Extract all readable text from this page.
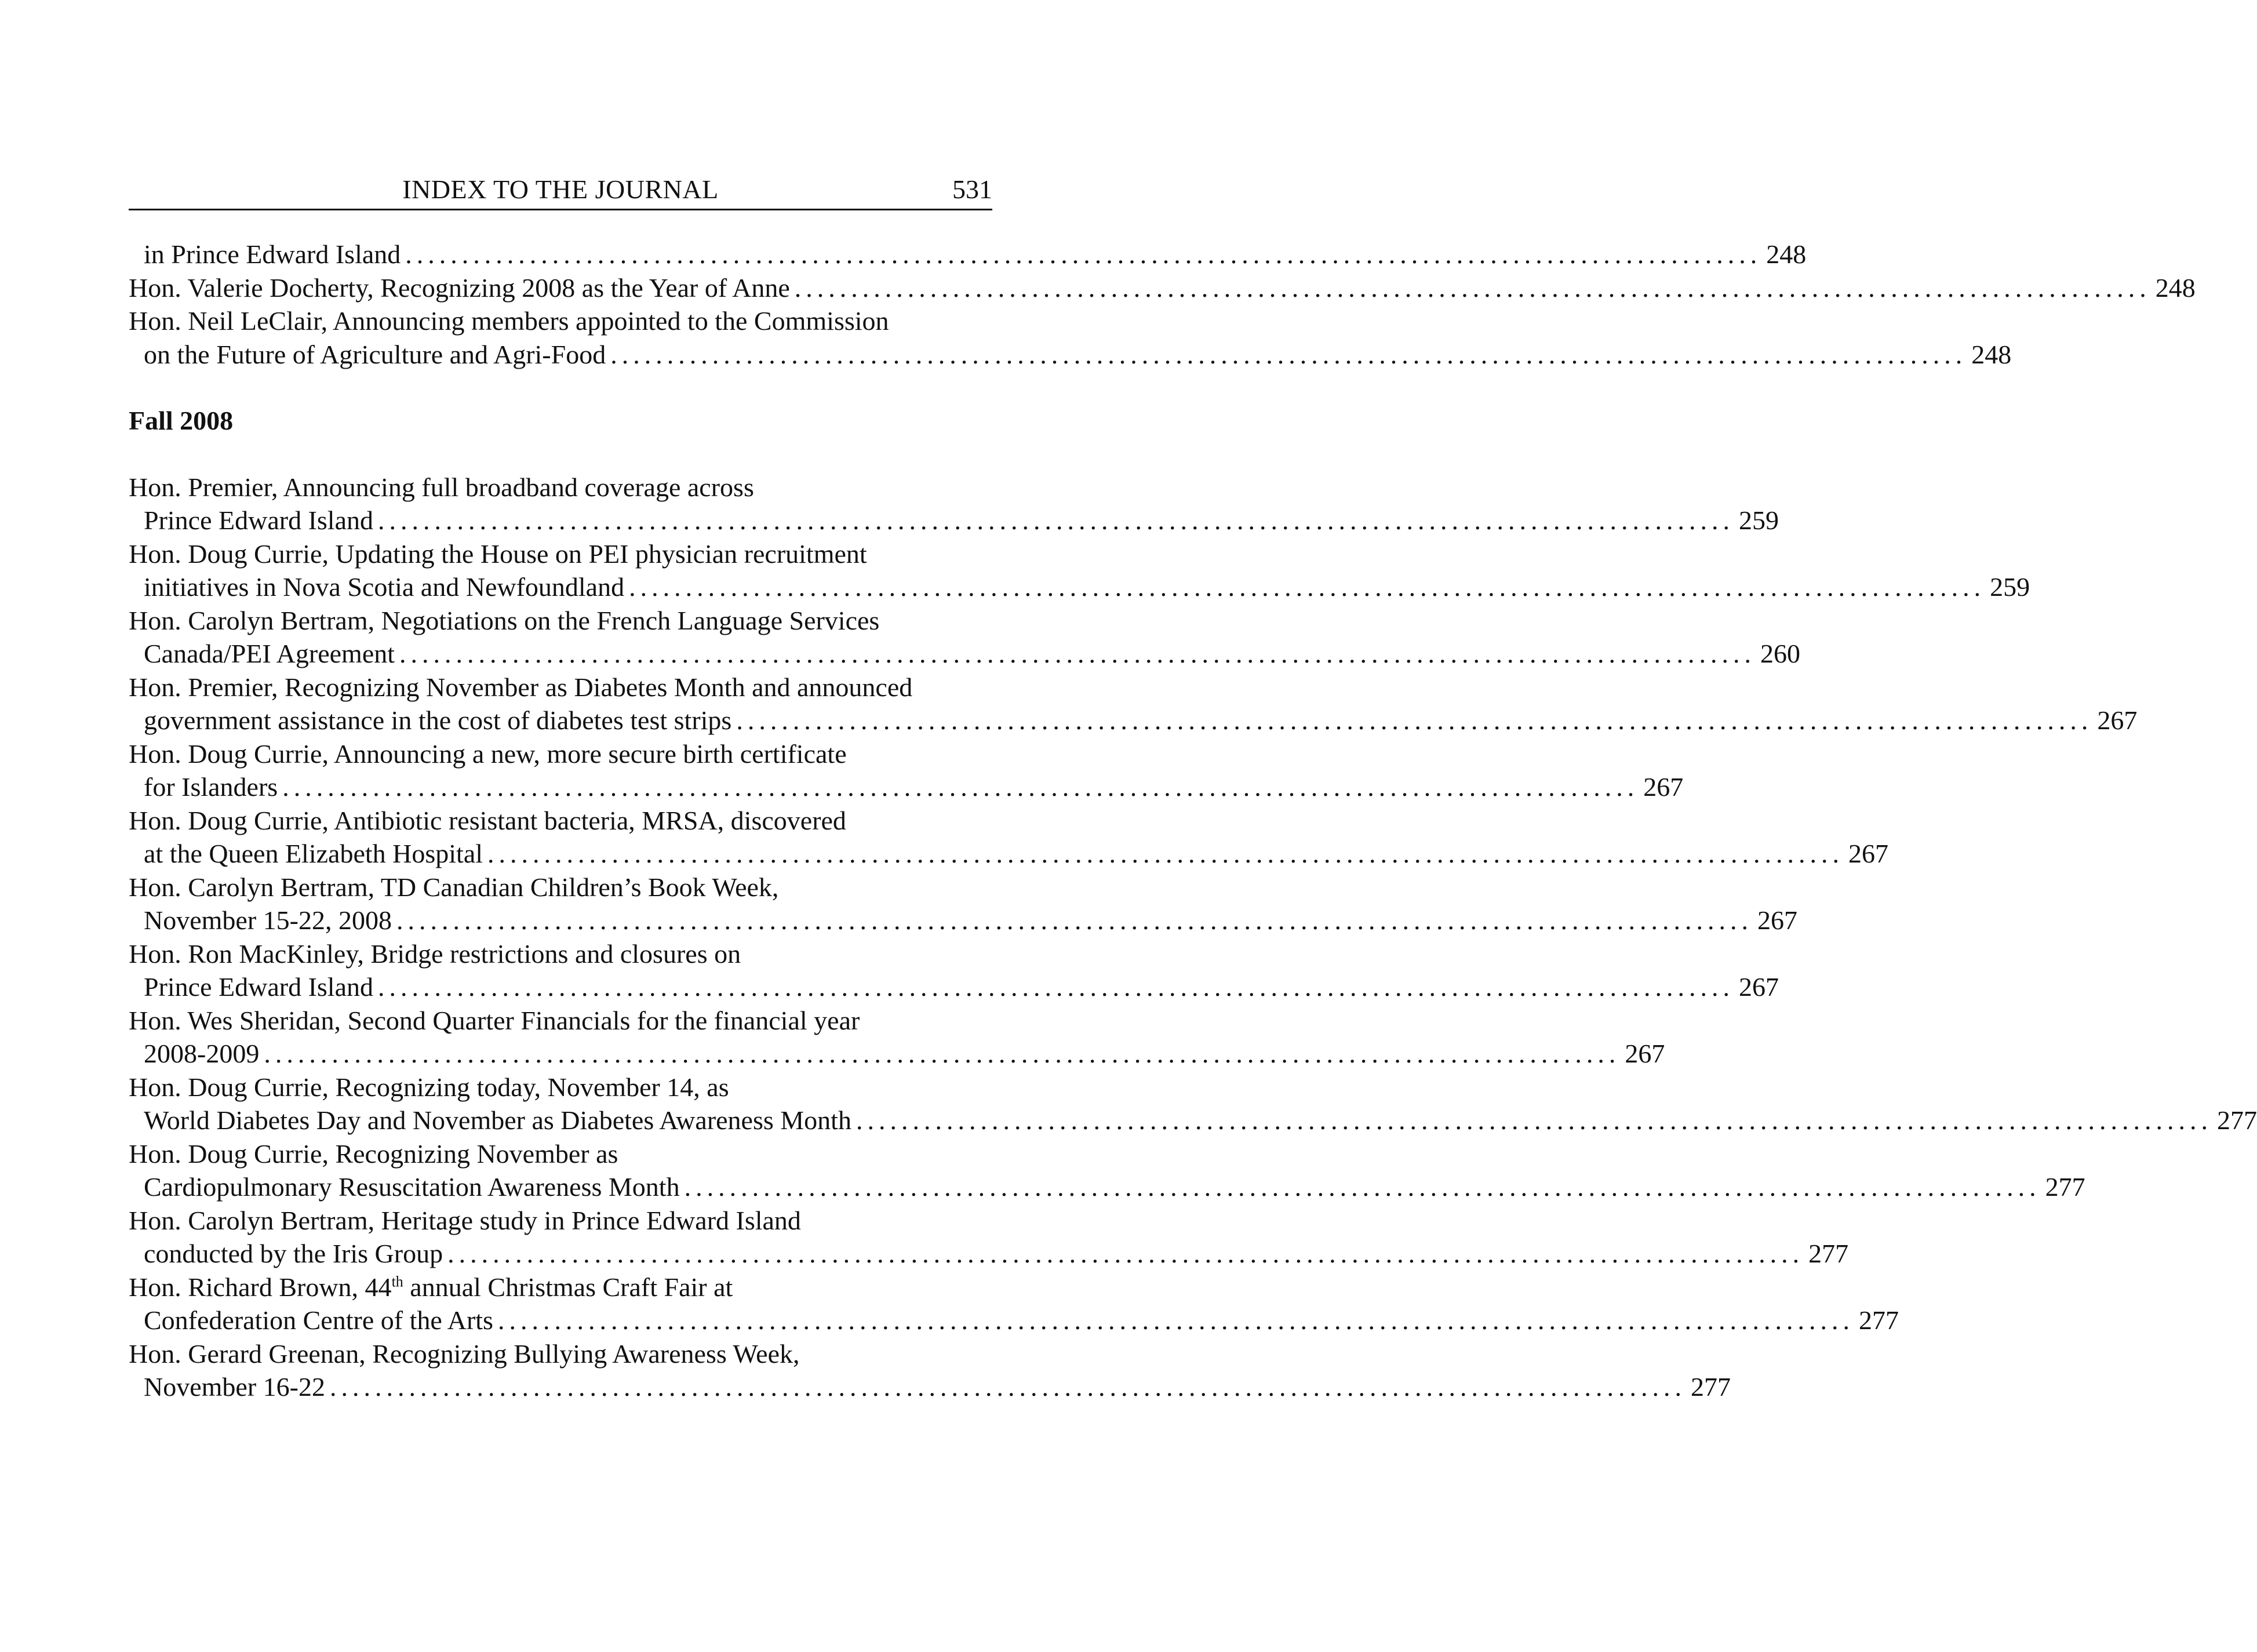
INDEX TO THE JOURNAL	531
in Prince Edward Island ........................................................................................................................ 248
Hon. Valerie Docherty, Recognizing 2008 as the Year of Anne ........................................................................................................................ 248
Hon. Neil LeClair, Announcing members appointed to the Commission
on the Future of Agriculture and Agri-Food ........................................................................................................................ 248
Fall 2008
Hon. Premier, Announcing full broadband coverage across
Prince Edward Island ........................................................................................................................ 259
Hon. Doug Currie, Updating the House on PEI physician recruitment
initiatives in Nova Scotia and Newfoundland ........................................................................................................................ 259
Hon. Carolyn Bertram, Negotiations on the French Language Services
Canada/PEI Agreement ........................................................................................................................ 260
Hon. Premier, Recognizing November as Diabetes Month and announced
government assistance in the cost of diabetes test strips ........................................................................................................................ 267
Hon. Doug Currie, Announcing a new, more secure birth certificate
for Islanders ........................................................................................................................ 267
Hon. Doug Currie, Antibiotic resistant bacteria, MRSA, discovered
at the Queen Elizabeth Hospital ........................................................................................................................ 267
Hon. Carolyn Bertram, TD Canadian Children’s Book Week,
November 15-22, 2008 ........................................................................................................................ 267
Hon. Ron MacKinley, Bridge restrictions and closures on
Prince Edward Island ........................................................................................................................ 267
Hon. Wes Sheridan, Second Quarter Financials for the financial year
2008-2009 ........................................................................................................................ 267
Hon. Doug Currie, Recognizing today, November 14, as
World Diabetes Day and November as Diabetes Awareness Month ........................................................................................................................ 277
Hon. Doug Currie, Recognizing November as
Cardiopulmonary Resuscitation Awareness Month ........................................................................................................................ 277
Hon. Carolyn Bertram, Heritage study in Prince Edward Island
conducted by the Iris Group ........................................................................................................................ 277
Hon. Richard Brown, 44th annual Christmas Craft Fair at
Confederation Centre of the Arts ........................................................................................................................ 277
Hon. Gerard Greenan, Recognizing Bullying Awareness Week,
November 16-22 ........................................................................................................................ 277
